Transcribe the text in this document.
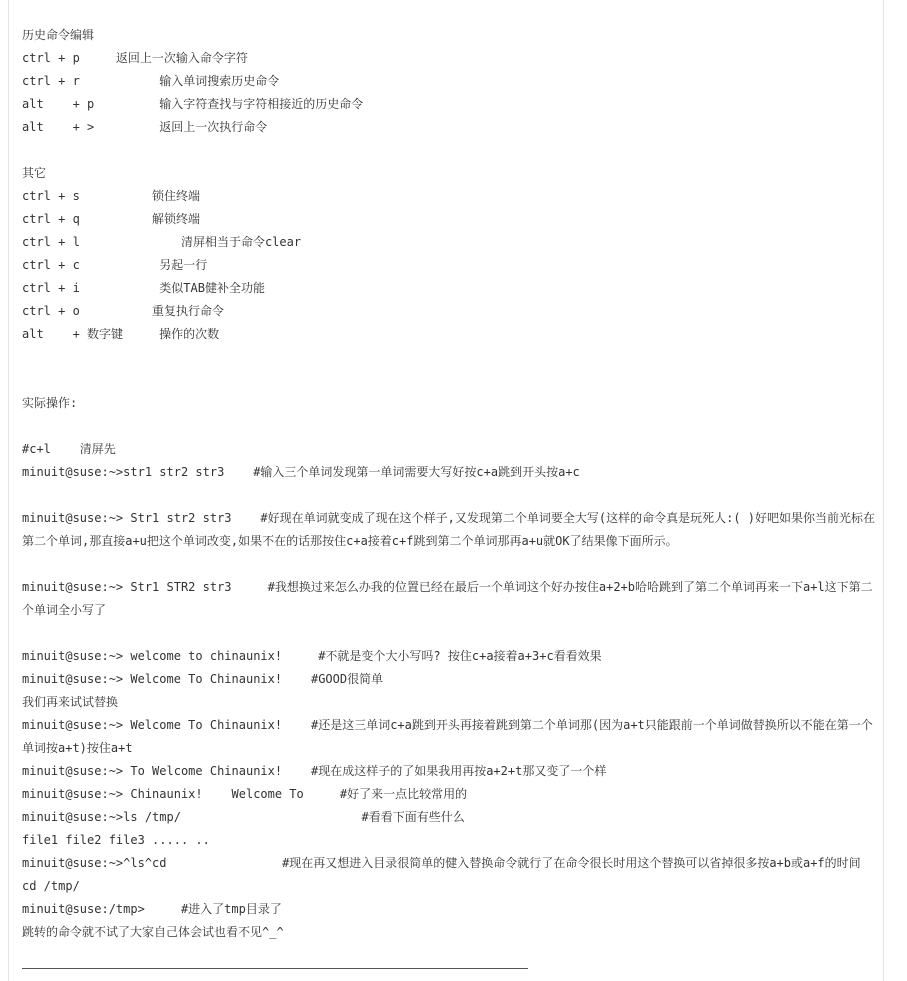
历史命令编辑
ctrl + p     返回上一次输入命令字符
ctrl + r           输入单词搜索历史命令
alt    + p         输入字符查找与字符相接近的历史命令
alt    + >         返回上一次执行命令
其它
ctrl + s          锁住终端
ctrl + q          解锁终端
ctrl + l              清屏相当于命令clear
ctrl + c           另起一行
ctrl + i           类似TAB健补全功能
ctrl + o          重复执行命令
alt    + 数字键     操作的次数
实际操作:
#c+l    清屏先
minuit@suse:~>str1 str2 str3    #输入三个单词发现第一单词需要大写好按c+a跳到开头按a+c
minuit@suse:~> Str1 str2 str3    #好现在单词就变成了现在这个样子,又发现第二个单词要全大写(这样的命令真是玩死人:( )好吧如果你当前光标在第二个单词,那直接a+u把这个单词改变,如果不在的话那按住c+a接着c+f跳到第二个单词那再a+u就OK了结果像下面所示。
minuit@suse:~> Str1 STR2 str3     #我想换过来怎么办我的位置已经在最后一个单词这个好办按住a+2+b哈哈跳到了第二个单词再来一下a+l这下第二个单词全小写了
minuit@suse:~> welcome to chinaunix!     #不就是变个大小写吗? 按住c+a接着a+3+c看看效果
minuit@suse:~> Welcome To Chinaunix!    #GOOD很简单
我们再来试试替换
minuit@suse:~> Welcome To Chinaunix!    #还是这三单词c+a跳到开头再接着跳到第二个单词那(因为a+t只能跟前一个单词做替换所以不能在第一个单词按a+t)按住a+t
minuit@suse:~> To Welcome Chinaunix!    #现在成这样子的了如果我用再按a+2+t那又变了一个样
minuit@suse:~> Chinaunix!    Welcome To     #好了来一点比较常用的
minuit@suse:~>ls /tmp/                         #看看下面有些什么
file1 file2 file3 ..... ..
minuit@suse:~>^ls^cd                #现在再又想进入目录很简单的健入替换命令就行了在命令很长时用这个替换可以省掉很多按a+b或a+f的时间
cd /tmp/
minuit@suse:/tmp>     #进入了tmp目录了
跳转的命令就不试了大家自己体会试也看不见^_^
